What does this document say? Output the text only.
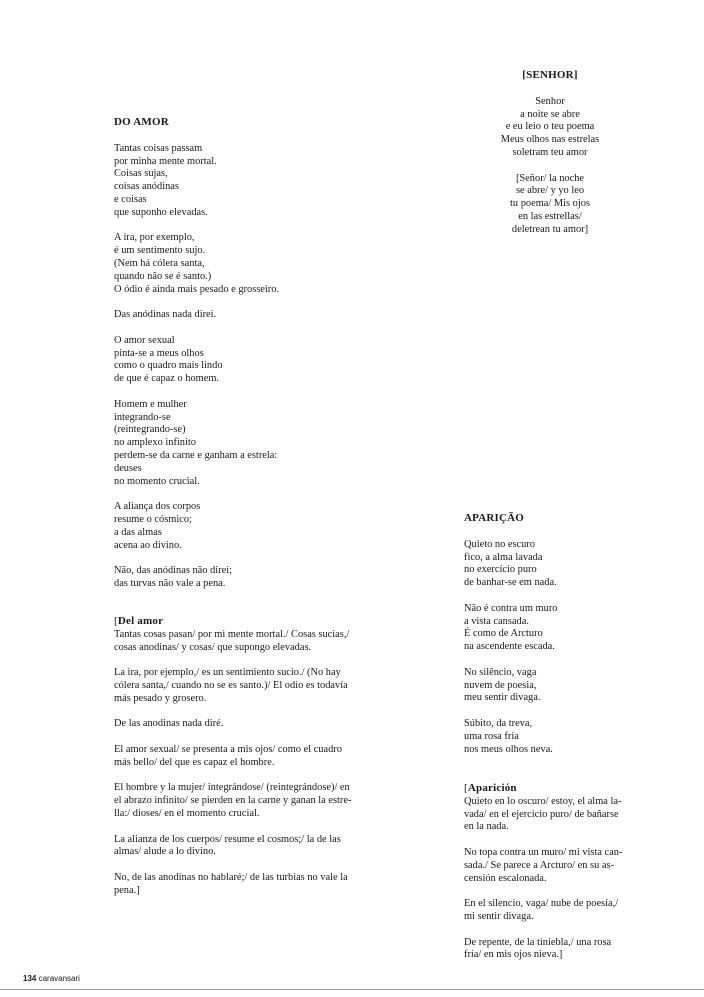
[SENHOR]
Senhor
a noite se abre
e eu leio o teu poema
Meus olhos nas estrelas
soletram teu amor
[Señor/ la noche
se abre/ y yo leo
tu poema/ Mis ojos
en las estrellas/
deletrean tu amor]
DO AMOR
Tantas coisas passam
por minha mente mortal.
Coisas sujas,
coisas anódinas
e coisas
que suponho elevadas.
A ira, por exemplo,
é um sentimento sujo.
(Nem há cólera santa,
quando não se é santo.)
O ódio é ainda mais pesado e grosseiro.
Das anódinas nada direi.
O amor sexual
pinta-se a meus olhos
como o quadro mais lindo
de que é capaz o homem.
Homem e mulher
integrando-se
(reintegrando-se)
no amplexo infinito
perdem-se da carne e ganham a estrela:
deuses
no momento crucial.
A aliança dos corpos
resume o cósmico;
a das almas
acena ao divino.
Não, das anódinas não direi;
das turvas não vale a pena.
[Del amor
Tantas cosas pasan/ por mi mente mortal./ Cosas sucias,/
cosas anodinas/ y cosas/ que supongo elevadas.
La ira, por ejemplo,/ es un sentimiento sucio./ (No hay
cólera santa,/ cuando no se es santo.)/ El odio es todavía
más pesado y grosero.
De las anodinas nada diré.
El amor sexual/ se presenta a mis ojos/ como el cuadro
más bello/ del que es capaz el hombre.
El hombre y la mujer/ integrándose/ (reintegrándose)/ en
el abrazo infinito/ se pierden en la carne y ganan la estre-
lla:/ dioses/ en el momento crucial.
La alianza de los cuerpos/ resume el cosmos;/ la de las
almas/ alude a lo divino.
No, de las anodinas no hablaré;/ de las turbias no vale la
pena.]
APARIÇÃO
Quieto no escuro
fico, a alma lavada
no exercício puro
de banhar-se em nada.
Não é contra um muro
a vista cansada.
É como de Arcturo
na ascendente escada.
No silêncio, vaga
nuvem de poesia,
meu sentir divaga.
Súbito, da treva,
uma rosa fria
nos meus olhos neva.
[Aparición
Quieto en lo oscuro/ estoy, el alma la-
vada/ en el ejercicio puro/ de bañarse
en la nada.
No topa contra un muro/ mi vista can-
sada./ Se parece a Arcturo/ en su as-
censión escalonada.
En el silencio, vaga/ nube de poesía,/
mi sentir divaga.
De repente, de la tiniebla,/ una rosa
fría/ en mis ojos nieva.]
134 caravansari
